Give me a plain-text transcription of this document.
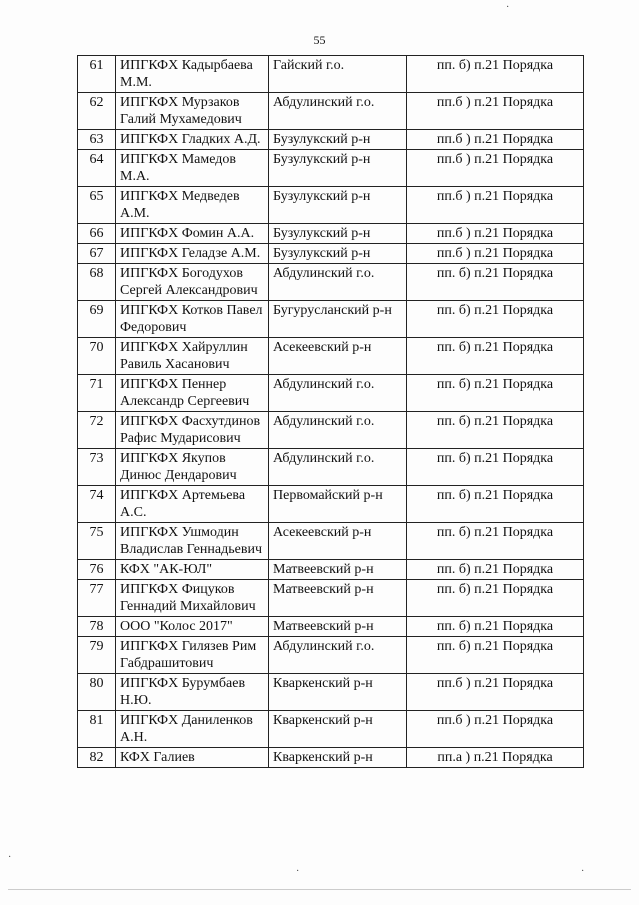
55
61	ИПГКФХ Кадырбаева М.М.	Гайский г.о.	пп. б) п.21 Порядка
62	ИПГКФХ Мурзаков Галий Мухамедович	Абдулинский г.о.	пп.б ) п.21 Порядка
63	ИПГКФХ Гладких А.Д.	Бузулукский р-н	пп.б ) п.21 Порядка
64	ИПГКФХ Мамедов М.А.	Бузулукский р-н	пп.б ) п.21 Порядка
65	ИПГКФХ Медведев А.М.	Бузулукский р-н	пп.б ) п.21 Порядка
66	ИПГКФХ Фомин А.А.	Бузулукский р-н	пп.б ) п.21 Порядка
67	ИПГКФХ Геладзе А.М.	Бузулукский р-н	пп.б ) п.21 Порядка
68	ИПГКФХ Богодухов Сергей Александрович	Абдулинский г.о.	пп. б) п.21 Порядка
69	ИПГКФХ Котков Павел Федорович	Бугурусланский р-н	пп. б) п.21 Порядка
70	ИПГКФХ Хайруллин Равиль Хасанович	Асекеевский р-н	пп. б) п.21 Порядка
71	ИПГКФХ Пеннер Александр Сергеевич	Абдулинский г.о.	пп. б) п.21 Порядка
72	ИПГКФХ Фасхутдинов Рафис Мударисович	Абдулинский г.о.	пп. б) п.21 Порядка
73	ИПГКФХ Якупов Динюс Дендарович	Абдулинский г.о.	пп. б) п.21 Порядка
74	ИПГКФХ Артемьева А.С.	Первомайский р-н	пп. б) п.21 Порядка
75	ИПГКФХ Ушмодин Владислав Геннадьевич	Асекеевский р-н	пп. б) п.21 Порядка
76	КФХ "АК-ЮЛ"	Матвеевский р-н	пп. б) п.21 Порядка
77	ИПГКФХ Фицуков Геннадий Михайлович	Матвеевский р-н	пп. б) п.21 Порядка
78	ООО "Колос 2017"	Матвеевский р-н	пп. б) п.21 Порядка
79	ИПГКФХ Гилязев Рим Габдрашитович	Абдулинский г.о.	пп. б) п.21 Порядка
80	ИПГКФХ Бурумбаев Н.Ю.	Кваркенский р-н	пп.б ) п.21 Порядка
81	ИПГКФХ Даниленков А.Н.	Кваркенский р-н	пп.б ) п.21 Порядка
82	КФХ Галиев	Кваркенский р-н	пп.а ) п.21 Порядка
·
·
·	·
